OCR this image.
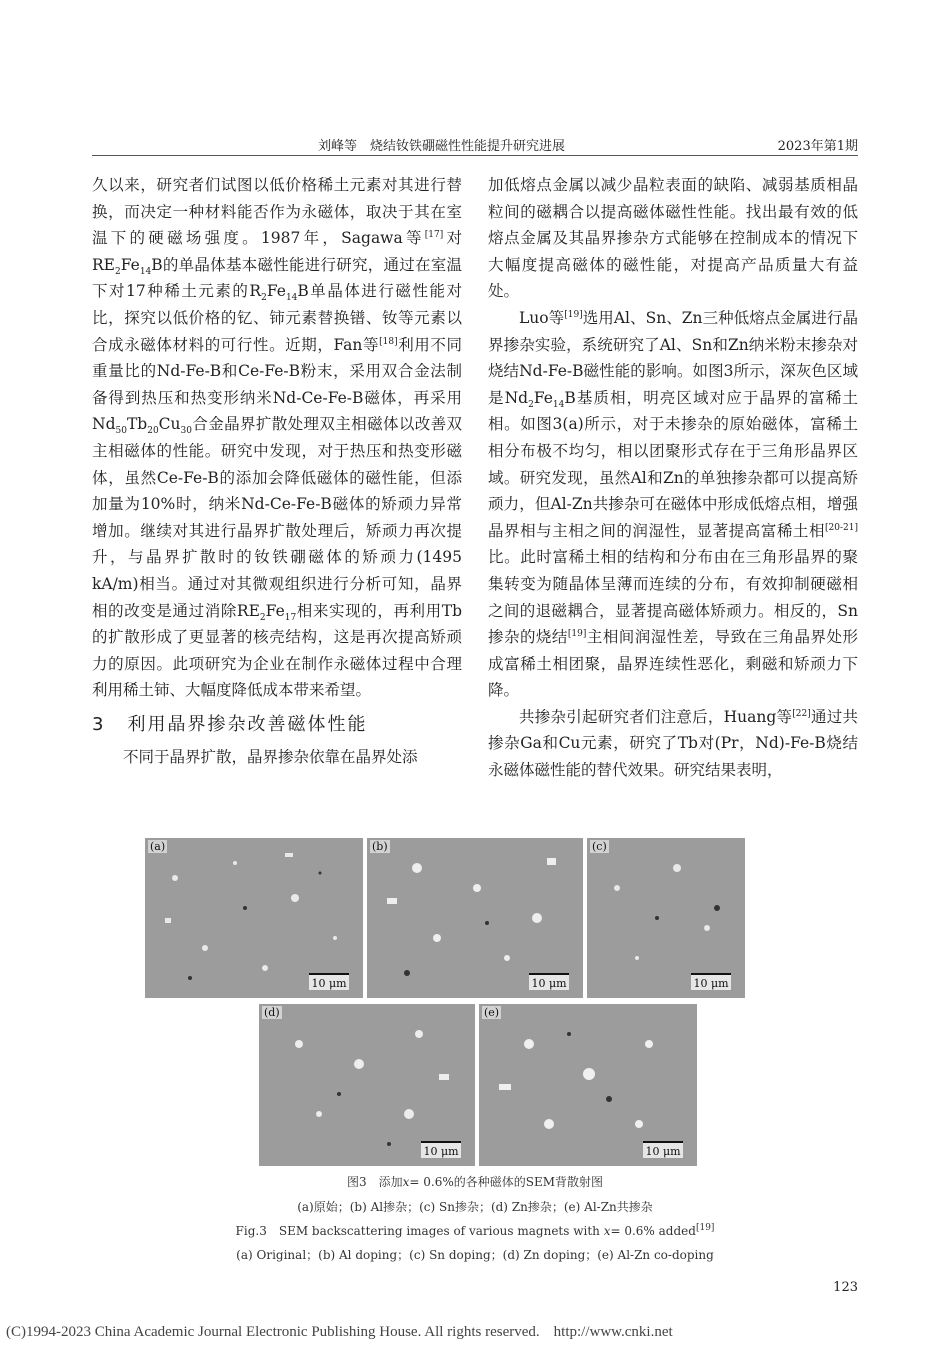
刘峰等　烧结钕铁硼磁性性能提升研究进展	2023年第1期

久以来，研究者们试图以低价格稀土元素对其进行替换，而决定一种材料能否作为永磁体，取决于其在室温下的硬磁场强度。1987年，Sagawa等[17]对$RE_2Fe_{14}B$的单晶体基本磁性能进行研究，通过在室温下对17种稀土元素的$R_2Fe_{14}B$单晶体进行磁性能对比，探究以低价格的钇、铈元素替换镨、钕等元素以合成永磁体材料的可行性。近期，Fan等[18]利用不同重量比的Nd-Fe-B和Ce-Fe-B粉末，采用双合金法制备得到热压和热变形纳米Nd-Ce-Fe-B磁体，再采用$Nd_{50}Tb_{20}Cu_{30}$合金晶界扩散处理双主相磁体以改善双主相磁体的性能。研究中发现，对于热压和热变形磁体，虽然Ce-Fe-B的添加会降低磁体的磁性能，但添加量为10%时，纳米Nd-Ce-Fe-B磁体的矫顽力异常增加。继续对其进行晶界扩散处理后，矫顽力再次提升，与晶界扩散时的钕铁硼磁体的矫顽力(1495 kA/m)相当。通过对其微观组织进行分析可知，晶界相的改变是通过消除$RE_2Fe_{17}$相来实现的，再利用Tb的扩散形成了更显著的核壳结构，这是再次提高矫顽力的原因。此项研究为企业在制作永磁体过程中合理利用稀土铈、大幅度降低成本带来希望。

3 利用晶界掺杂改善磁体性能

不同于晶界扩散，晶界掺杂依靠在晶界处添

加低熔点金属以减少晶粒表面的缺陷、减弱基质相晶粒间的磁耦合以提高磁体磁性性能。找出最有效的低熔点金属及其晶界掺杂方式能够在控制成本的情况下大幅度提高磁体的磁性能，对提高产品质量大有益处。

Luo等[19]选用Al、Sn、Zn三种低熔点金属进行晶界掺杂实验，系统研究了Al、Sn和Zn纳米粉末掺杂对烧结Nd-Fe-B磁性能的影响。如图3所示，深灰色区域是$Nd_2Fe_{14}B$基质相，明亮区域对应于晶界的富稀土相。如图3(a)所示，对于未掺杂的原始磁体，富稀土相分布极不均匀，相以团聚形式存在于三角形晶界区域。研究发现，虽然Al和Zn的单独掺杂都可以提高矫顽力，但Al-Zn共掺杂可在磁体中形成低熔点相，增强晶界相与主相之间的润湿性，显著提高富稀土相[20-21]比。此时富稀土相的结构和分布由在三角形晶界的聚集转变为随晶体呈薄而连续的分布，有效抑制硬磁相之间的退磁耦合，显著提高磁体矫顽力。相反的，Sn掺杂的烧结[19]主相间润湿性差，导致在三角晶界处形成富稀土相团聚，晶界连续性恶化，剩磁和矫顽力下降。

共掺杂引起研究者们注意后，Huang等[22]通过共掺杂Ga和Cu元素，研究了Tb对(Pr，Nd)-Fe-B烧结永磁体磁性能的替代效果。研究结果表明，

(a)
10 μm
(b)
10 μm
(c)
10 μm
(d)
10 μm
(e)
10 μm
图3　添加x= 0.6%的各种磁体的SEM背散射图
(a)原始；(b) Al掺杂；(c) Sn掺杂；(d) Zn掺杂；(e) Al-Zn共掺杂
Fig.3　SEM backscattering images of various magnets with x= 0.6% added[19]
(a) Original；(b) Al doping；(c) Sn doping；(d) Zn doping；(e) Al-Zn co-doping
123
(C)1994-2023 China Academic Journal Electronic Publishing House. All rights reserved. http://www.cnki.net
